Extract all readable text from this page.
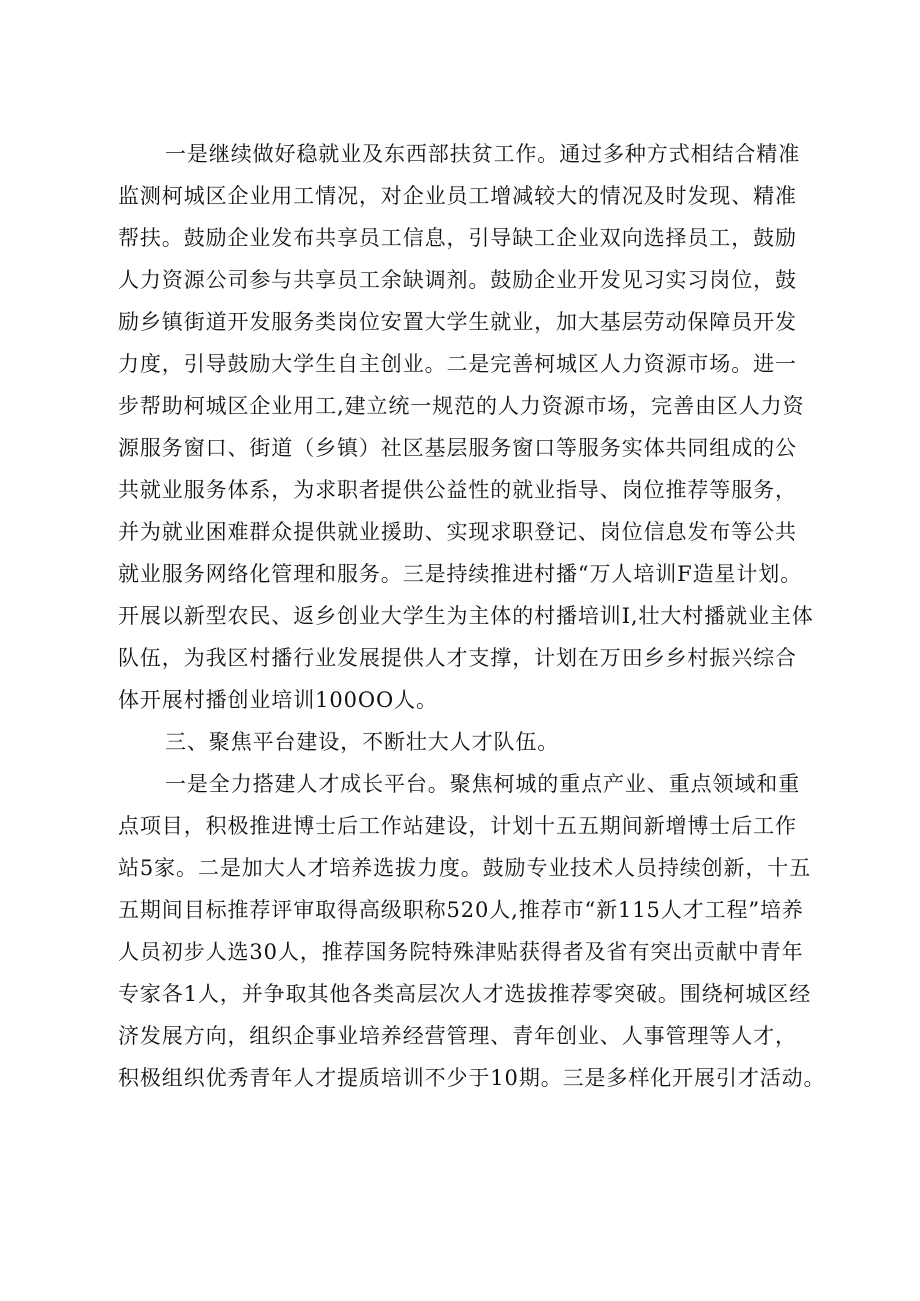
一是继续做好稳就业及东西部扶贫工作。通过多种方式相结合精准
监测柯城区企业用工情况，对企业员工增减较大的情况及时发现、精准
帮扶。鼓励企业发布共享员工信息，引导缺工企业双向选择员工，鼓励
人力资源公司参与共享员工余缺调剂。鼓励企业开发见习实习岗位，鼓
励乡镇街道开发服务类岗位安置大学生就业，加大基层劳动保障员开发
力度，引导鼓励大学生自主创业。二是完善柯城区人力资源市场。进一
步帮助柯城区企业用工,建立统一规范的人力资源市场，完善由区人力资
源服务窗口、街道（乡镇）社区基层服务窗口等服务实体共同组成的公
共就业服务体系，为求职者提供公益性的就业指导、岗位推荐等服务，
并为就业困难群众提供就业援助、实现求职登记、岗位信息发布等公共
就业服务网络化管理和服务。三是持续推进村播“万人培训F造星计划。
开展以新型农民、返乡创业大学生为主体的村播培训I,壮大村播就业主体
队伍，为我区村播行业发展提供人才支撑，计划在万田乡乡村振兴综合
体开展村播创业培训100OO人。
三、聚焦平台建设，不断壮大人才队伍。
一是全力搭建人才成长平台。聚焦柯城的重点产业、重点领域和重
点项目，积极推进博士后工作站建设，计划十五五期间新增博士后工作
站5家。二是加大人才培养选拔力度。鼓励专业技术人员持续创新，十五
五期间目标推荐评审取得高级职称520人,推荐市“新115人才工程”培养
人员初步人选30人，推荐国务院特殊津贴获得者及省有突出贡献中青年
专家各1人，并争取其他各类高层次人才选拔推荐零突破。围绕柯城区经
济发展方向，组织企事业培养经营管理、青年创业、人事管理等人才，
积极组织优秀青年人才提质培训不少于10期。三是多样化开展引才活动。
